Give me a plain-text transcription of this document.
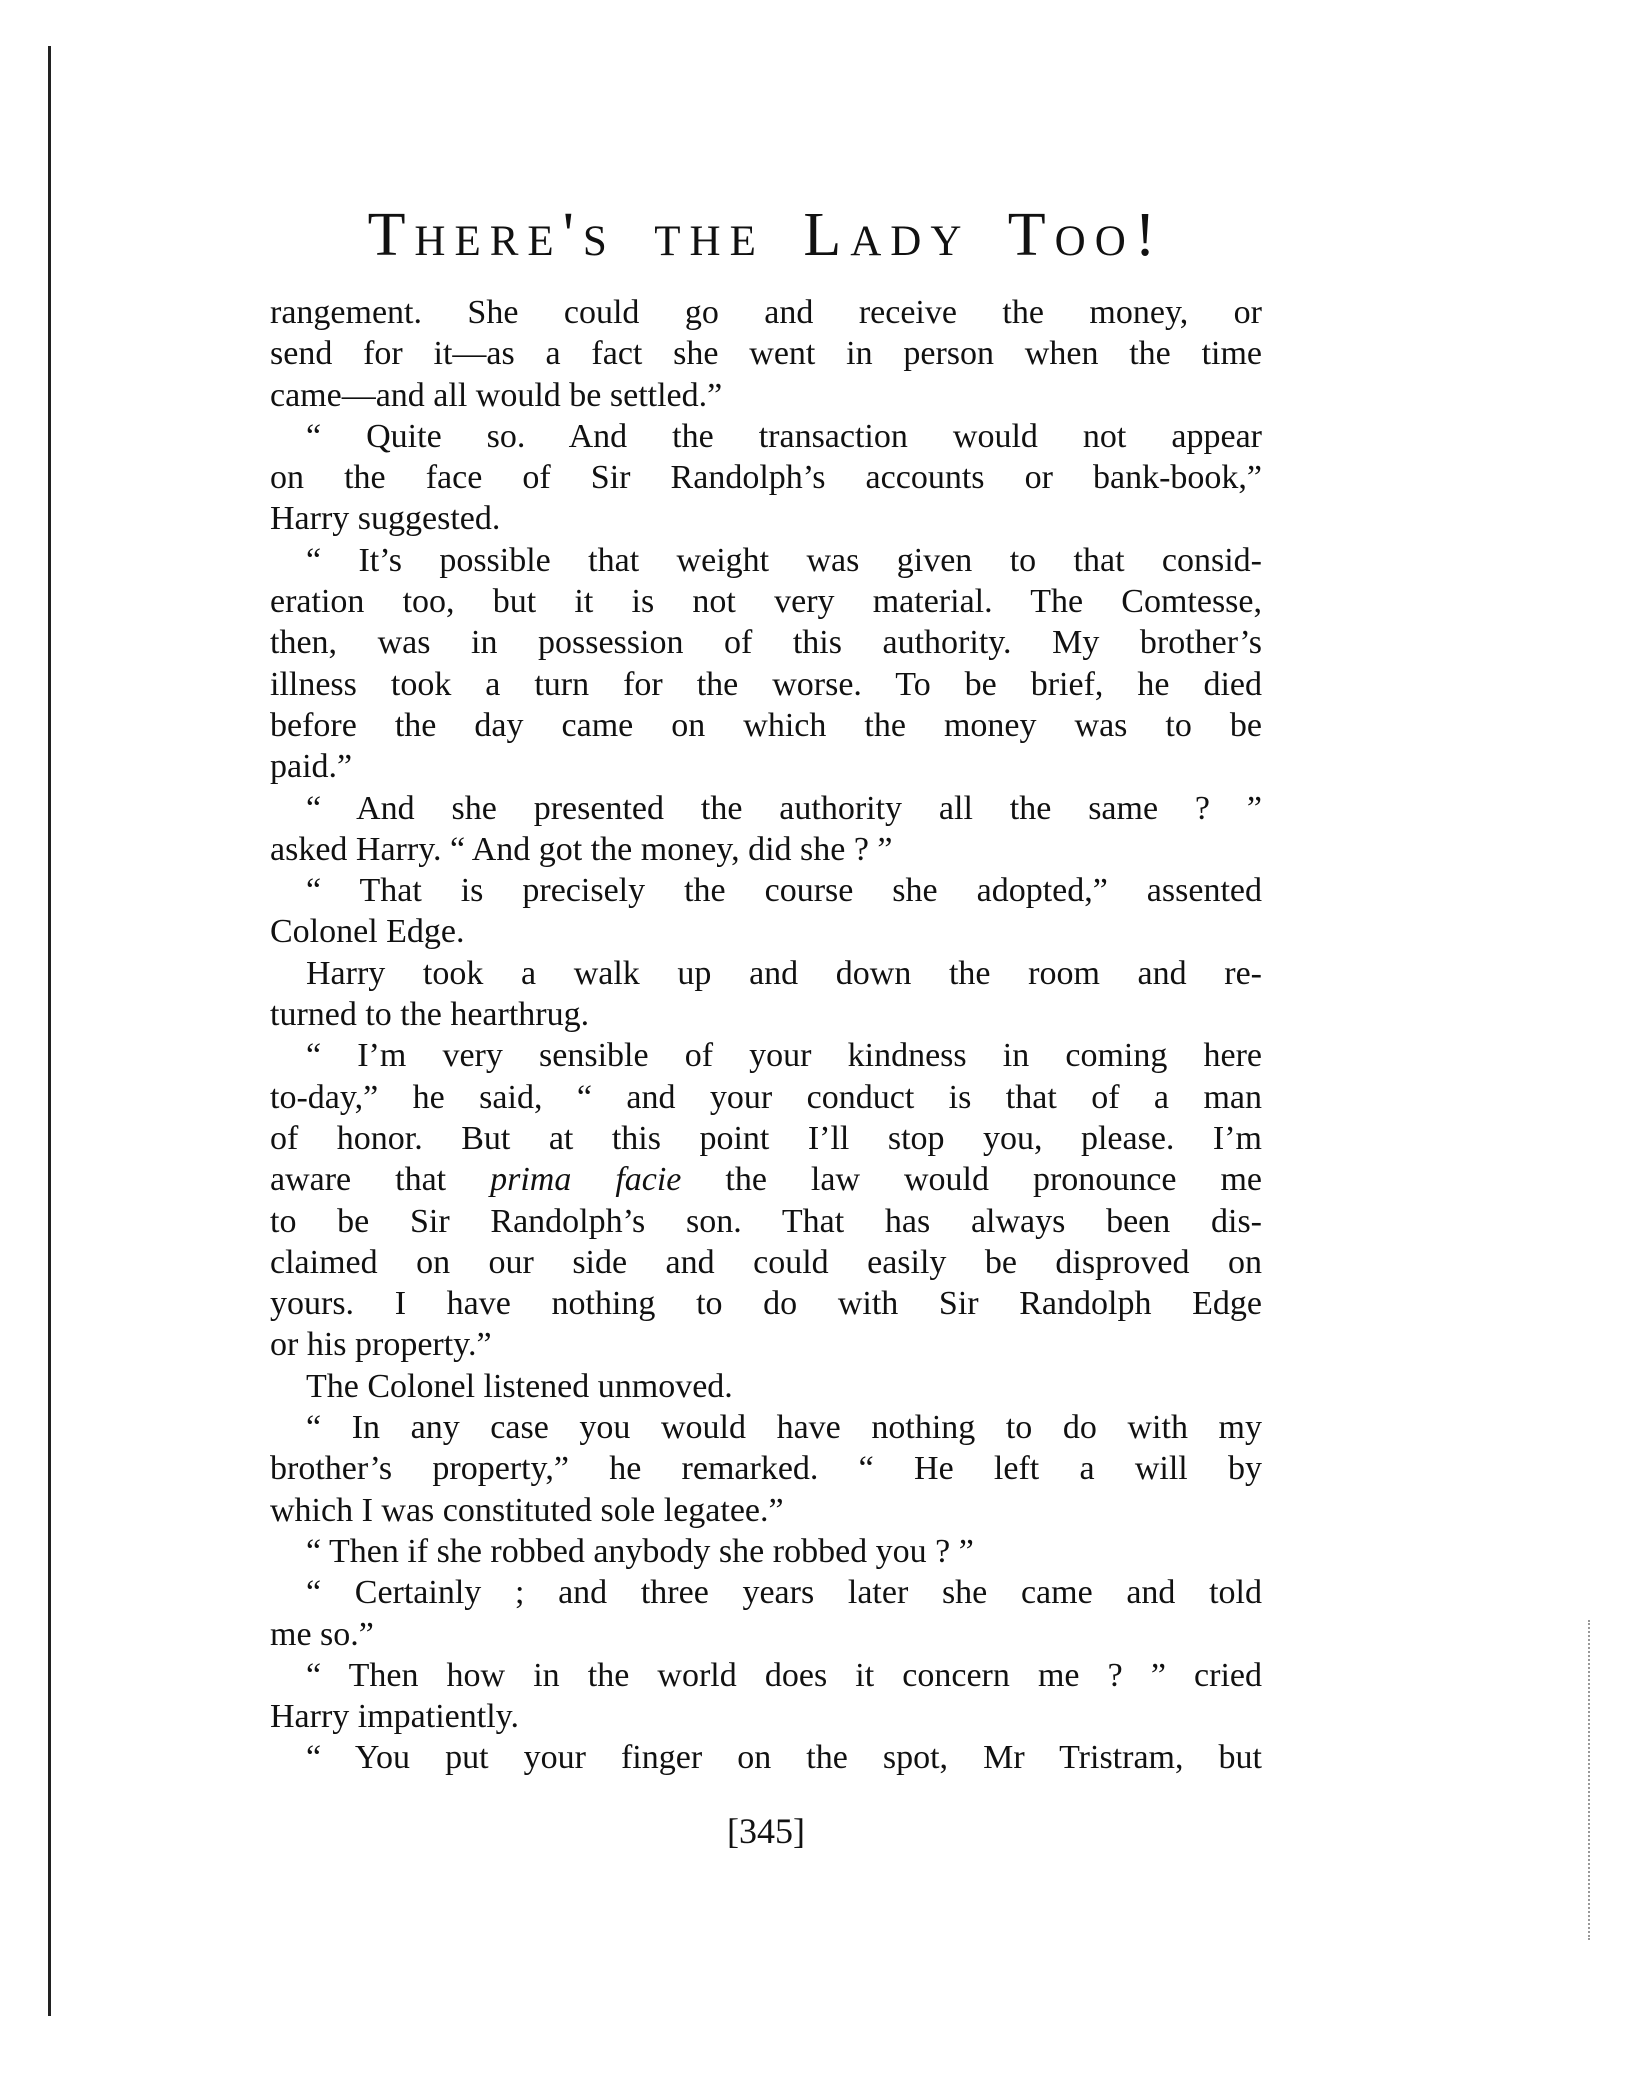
There's the Lady Too!
rangement. She could go and receive the money, or
send for it—as a fact she went in person when the time
came—and all would be settled.”
“ Quite so. And the transaction would not appear
on the face of Sir Randolph’s accounts or bank-book,”
Harry suggested.
“ It’s possible that weight was given to that consid-
eration too, but it is not very material. The Comtesse,
then, was in possession of this authority. My brother’s
illness took a turn for the worse. To be brief, he died
before the day came on which the money was to be
paid.”
“ And she presented the authority all the same ? ”
asked Harry. “ And got the money, did she ? ”
“ That is precisely the course she adopted,” assented
Colonel Edge.
Harry took a walk up and down the room and re-
turned to the hearthrug.
“ I’m very sensible of your kindness in coming here
to-day,” he said, “ and your conduct is that of a man
of honor. But at this point I’ll stop you, please. I’m
aware that prima facie the law would pronounce me
to be Sir Randolph’s son. That has always been dis-
claimed on our side and could easily be disproved on
yours. I have nothing to do with Sir Randolph Edge
or his property.”
The Colonel listened unmoved.
“ In any case you would have nothing to do with my
brother’s property,” he remarked. “ He left a will by
which I was constituted sole legatee.”
“ Then if she robbed anybody she robbed you ? ”
“ Certainly ; and three years later she came and told
me so.”
“ Then how in the world does it concern me ? ” cried
Harry impatiently.
“ You put your finger on the spot, Mr Tristram, but
[345]
